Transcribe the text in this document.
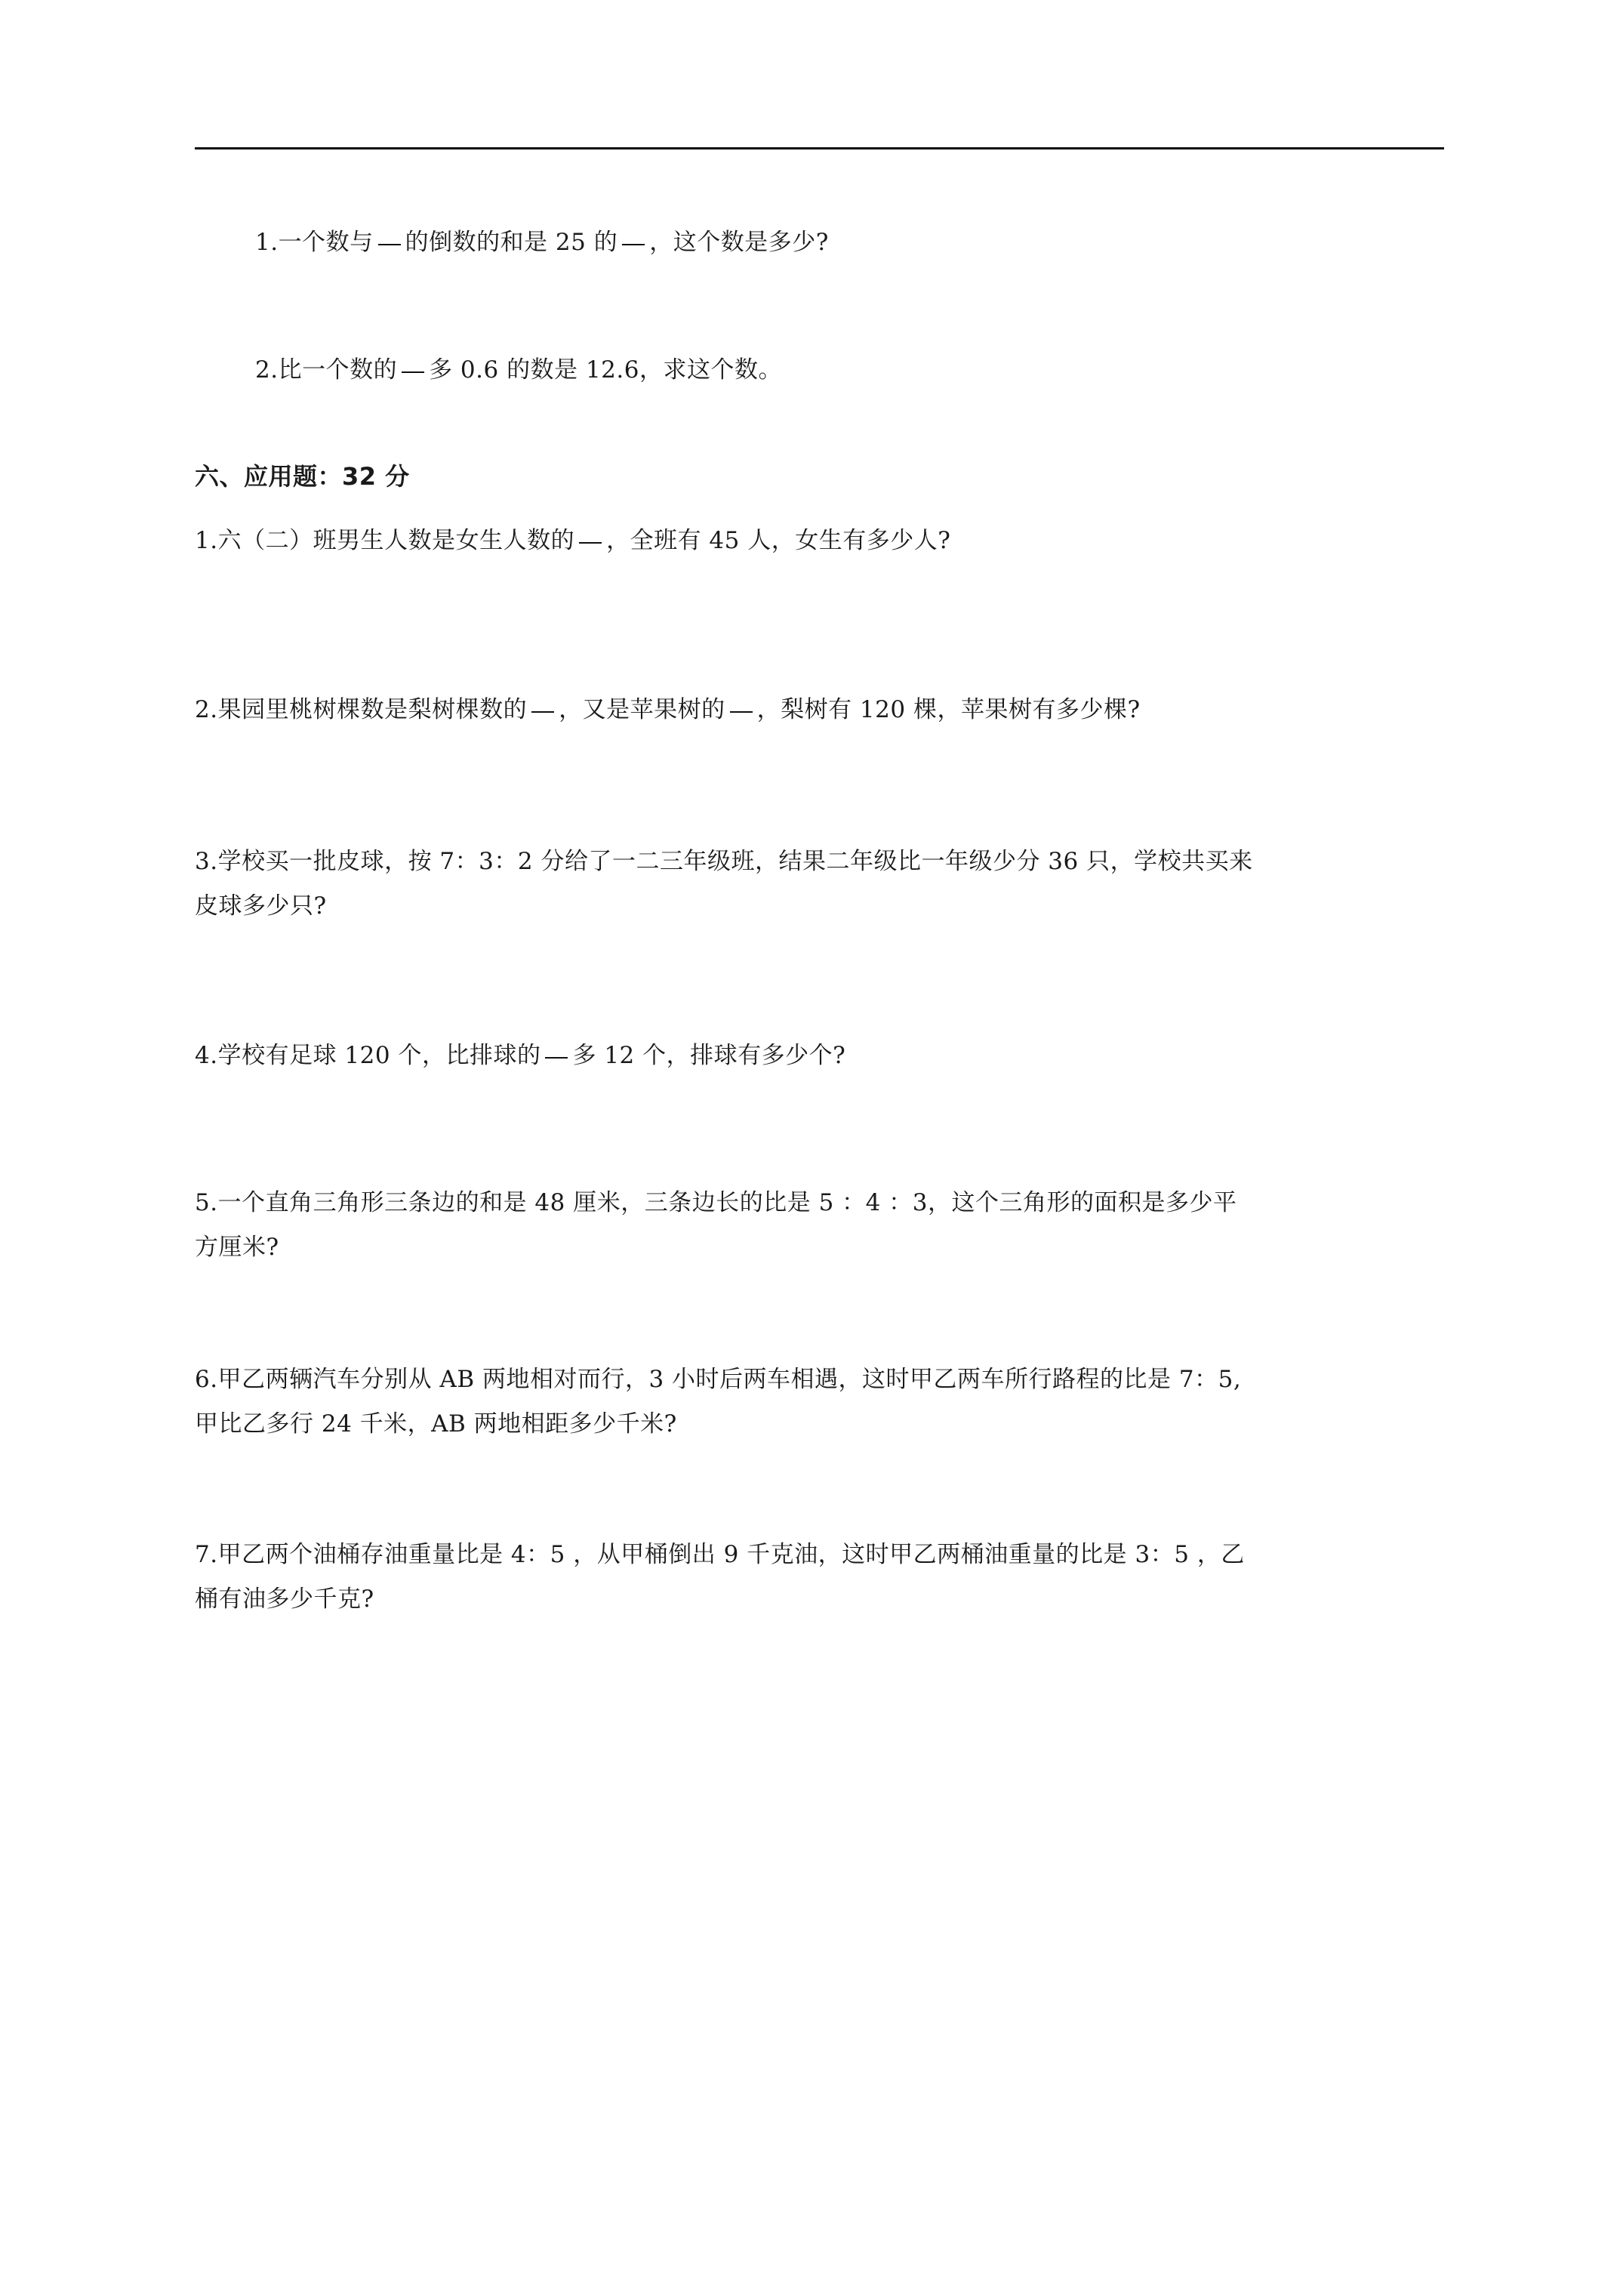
1.一个数与 的倒数的和是 25 的 ，这个数是多少?
2.比一个数的 多 0.6 的数是 12.6，求这个数。
六、应用题：32 分
1.六（二）班男生人数是女生人数的 ，全班有 45 人，女生有多少人?
2.果园里桃树棵数是梨树棵数的 ，又是苹果树的 ，梨树有 120 棵，苹果树有多少棵?
3.学校买一批皮球，按 7：3：2 分给了一二三年级班，结果二年级比一年级少分 36 只，学校共买来
皮球多少只?
4.学校有足球 120 个，比排球的 多 12 个，排球有多少个?
5.一个直角三角形三条边的和是 48 厘米，三条边长的比是 5 ：4 ：3，这个三角形的面积是多少平
方厘米?
6.甲乙两辆汽车分别从 AB 两地相对而行，3 小时后两车相遇，这时甲乙两车所行路程的比是 7：5,
甲比乙多行 24 千米，AB 两地相距多少千米?
7.甲乙两个油桶存油重量比是 4：5 ，从甲桶倒出 9 千克油，这时甲乙两桶油重量的比是 3：5 ，乙
桶有油多少千克?
